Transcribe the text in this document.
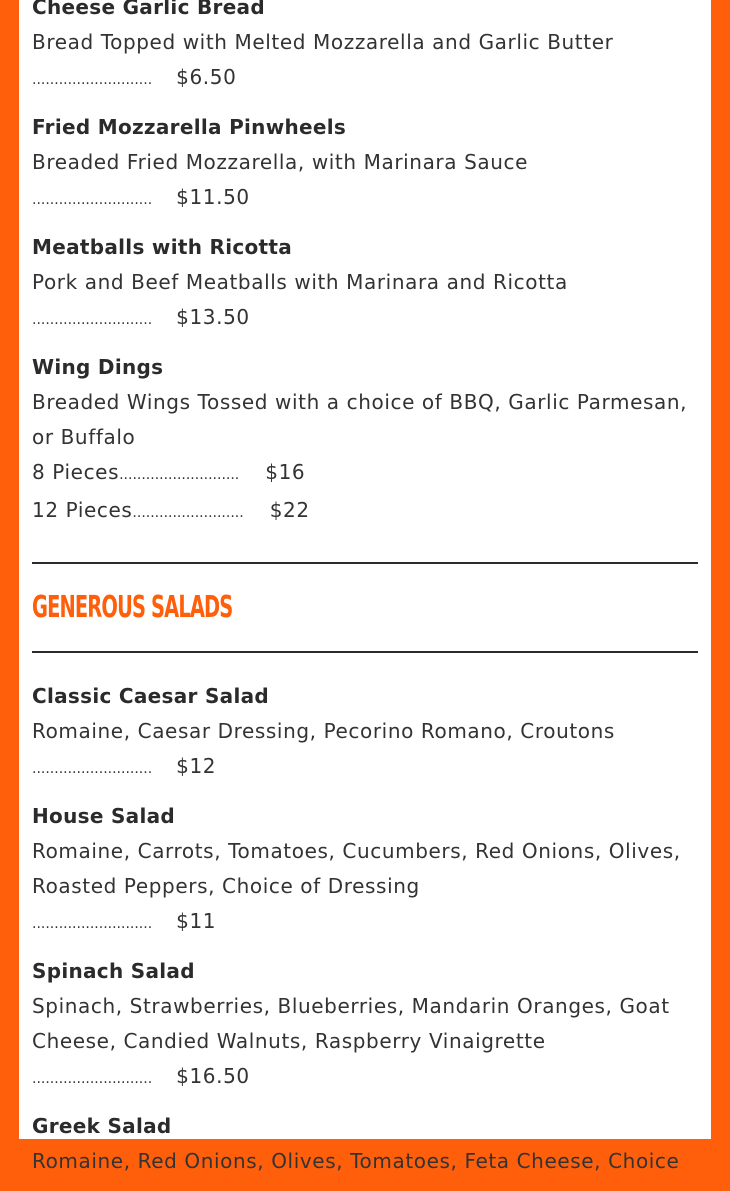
Cheese Garlic Bread
Bread Topped with Melted Mozzarella and Garlic Butter
........................... $6.50
Fried Mozzarella Pinwheels
Breaded Fried Mozzarella, with Marinara Sauce
........................... $11.50
Meatballs with Ricotta
Pork and Beef Meatballs with Marinara and Ricotta
........................... $13.50
Wing Dings
Breaded Wings Tossed with a choice of BBQ, Garlic Parmesan, or Buffalo
8 Pieces........................... $16
12 Pieces......................... $22
GENEROUS SALADS
Classic Caesar Salad
Romaine, Caesar Dressing, Pecorino Romano, Croutons
........................... $12
House Salad
Romaine, Carrots, Tomatoes, Cucumbers, Red Onions, Olives, Roasted Peppers, Choice of Dressing
........................... $11
Spinach Salad
Spinach, Strawberries, Blueberries, Mandarin Oranges, Goat Cheese, Candied Walnuts, Raspberry Vinaigrette
........................... $16.50
Greek Salad
Romaine, Red Onions, Olives, Tomatoes, Feta Cheese, Choice
